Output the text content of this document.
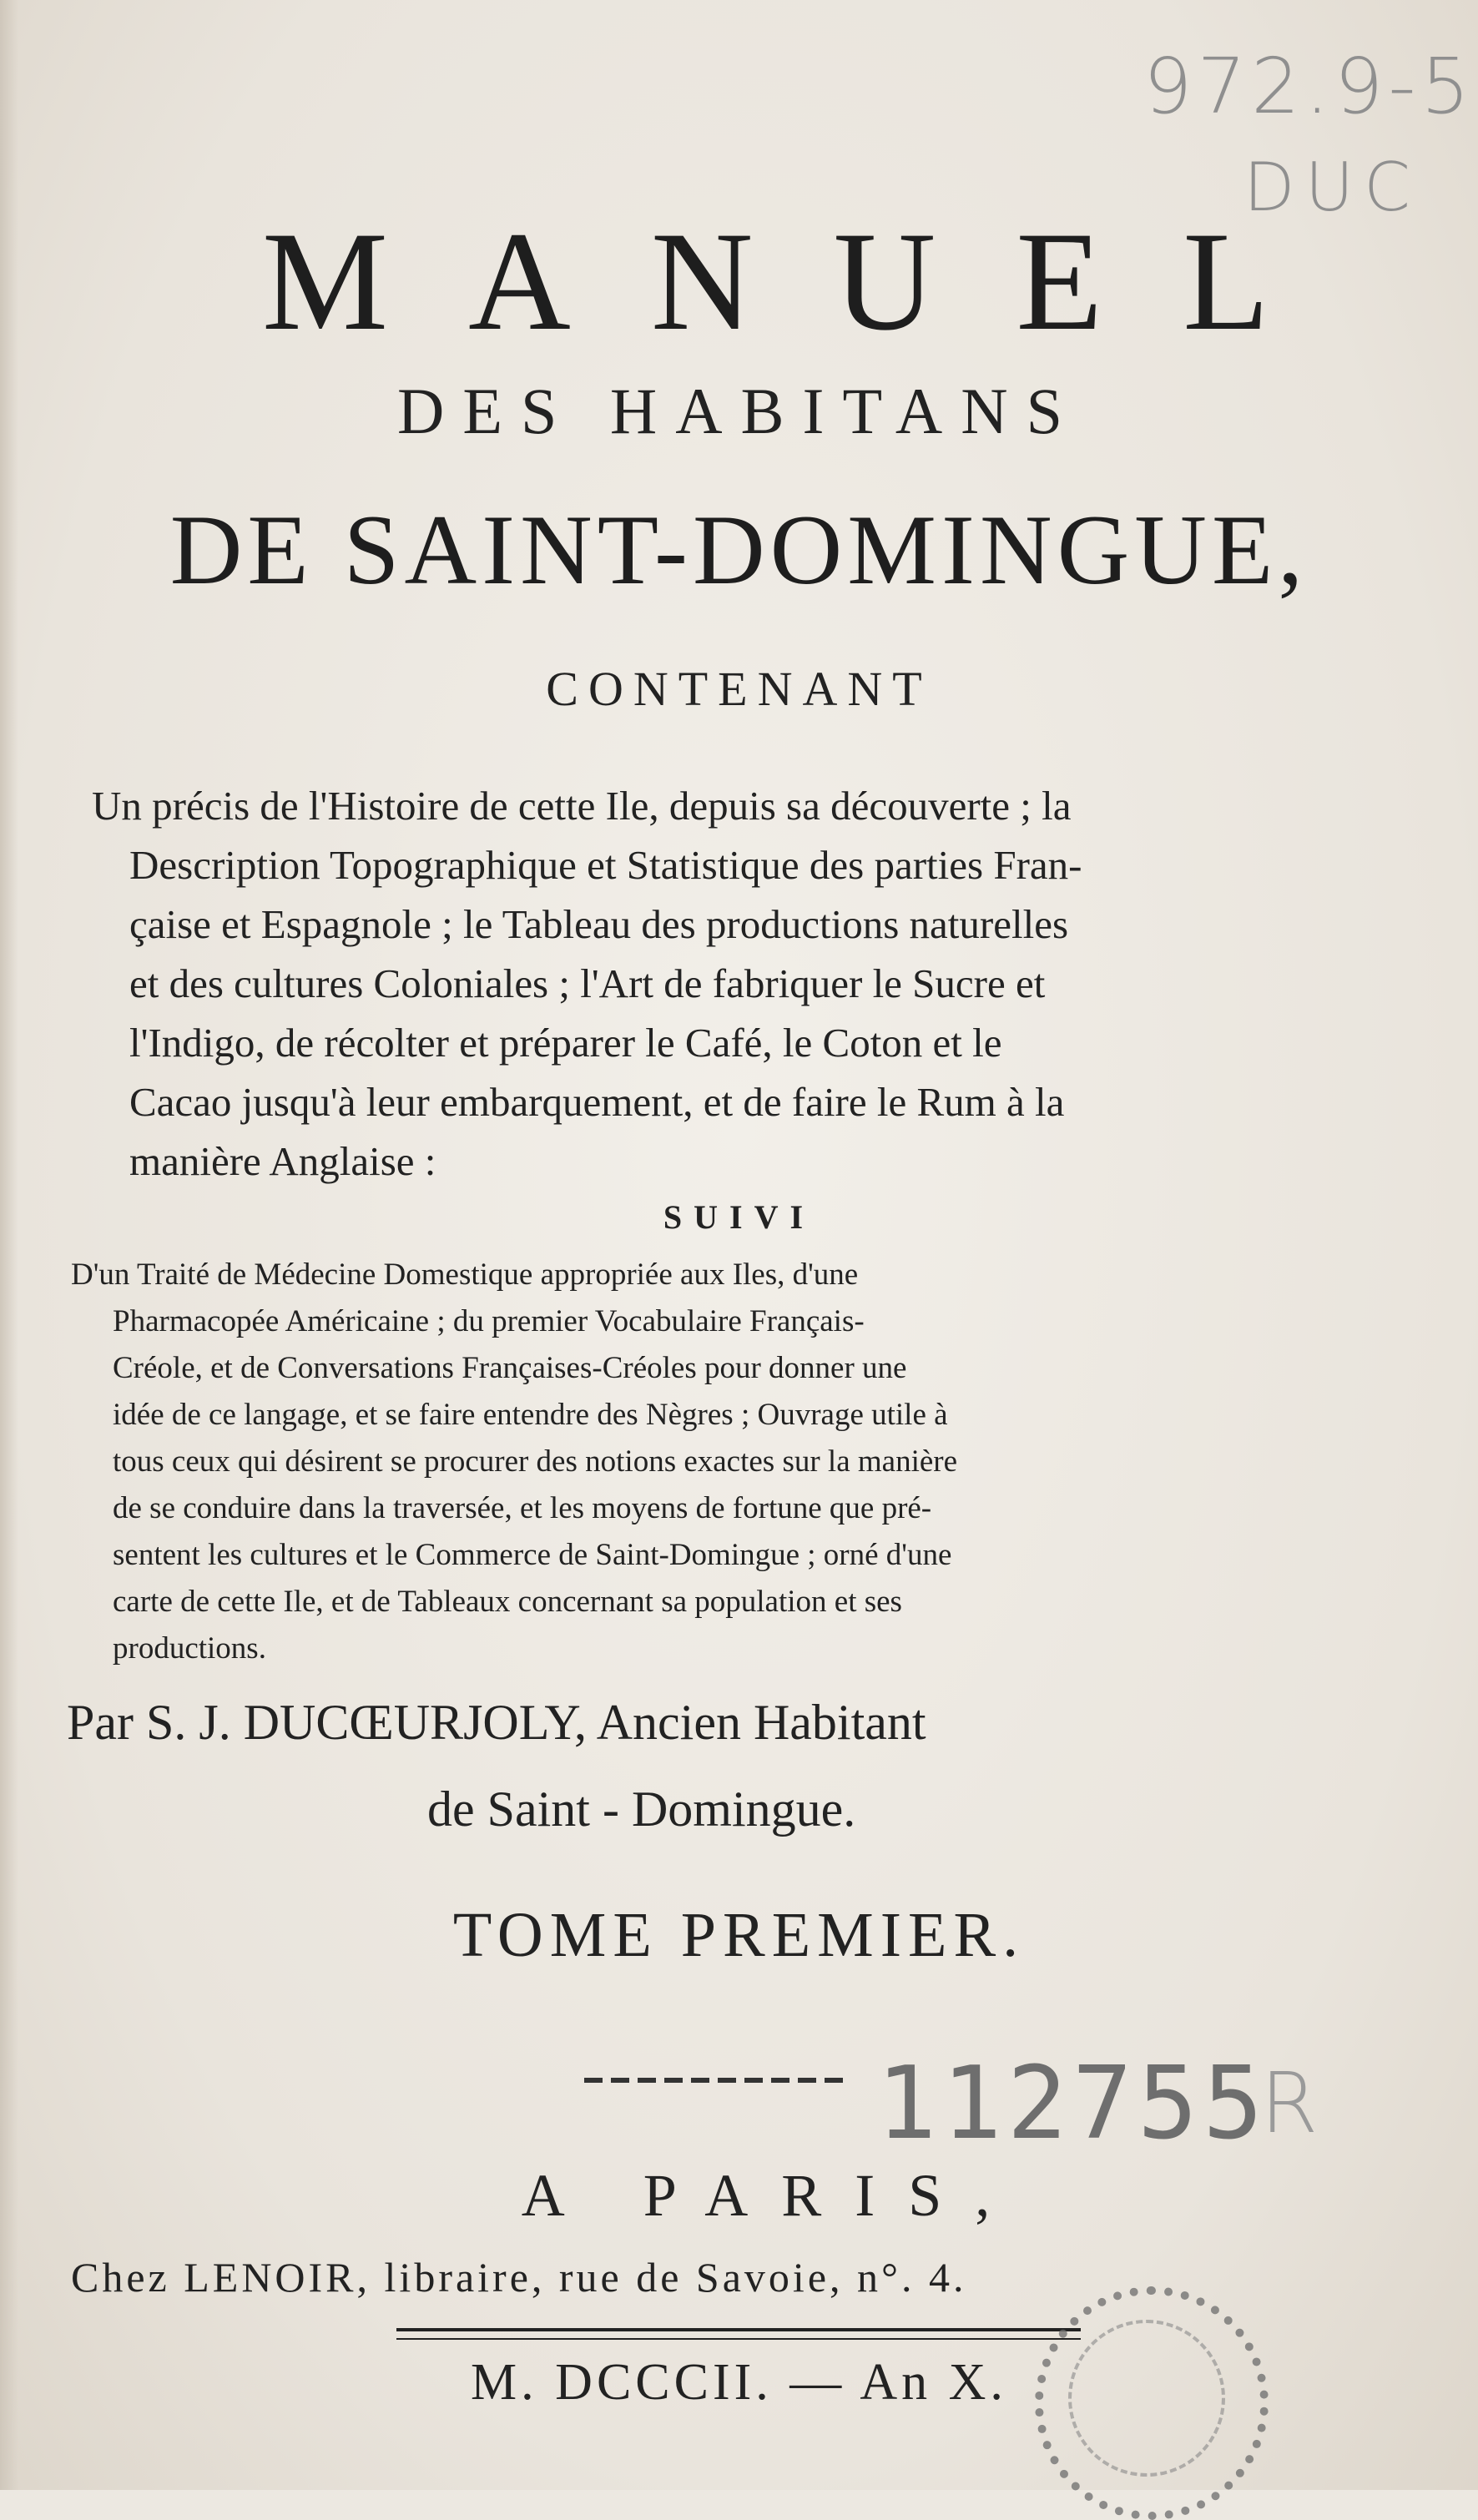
972.9-5
DUC
MANUEL
DES HABITANS
DE SAINT-DOMINGUE,
CONTENANT
Un précis de l'Histoire de cette Ile, depuis sa découverte ; la
Description Topographique et Statistique des parties Fran-
çaise et Espagnole ; le Tableau des productions naturelles
et des cultures Coloniales ; l'Art de fabriquer le Sucre et
l'Indigo, de récolter et préparer le Café, le Coton et le
Cacao jusqu'à leur embarquement, et de faire le Rum à la
manière Anglaise :
SUIVI
D'un Traité de Médecine Domestique appropriée aux Iles, d'une
Pharmacopée Américaine ; du premier Vocabulaire Français-
Créole, et de Conversations Françaises-Créoles pour donner une
idée de ce langage, et se faire entendre des Nègres ; Ouvrage utile à
tous ceux qui désirent se procurer des notions exactes sur la manière
de se conduire dans la traversée, et les moyens de fortune que pré-
sentent les cultures et le Commerce de Saint-Domingue ; orné d'une
carte de cette Ile, et de Tableaux concernant sa population et ses
productions.
Par S. J. DUCŒURJOLY, Ancien Habitant
de Saint - Domingue.
TOME PREMIER.
112755
R
A PARIS,
Chez LENOIR, libraire, rue de Savoie, n°. 4.
M. DCCCII. — An X.
